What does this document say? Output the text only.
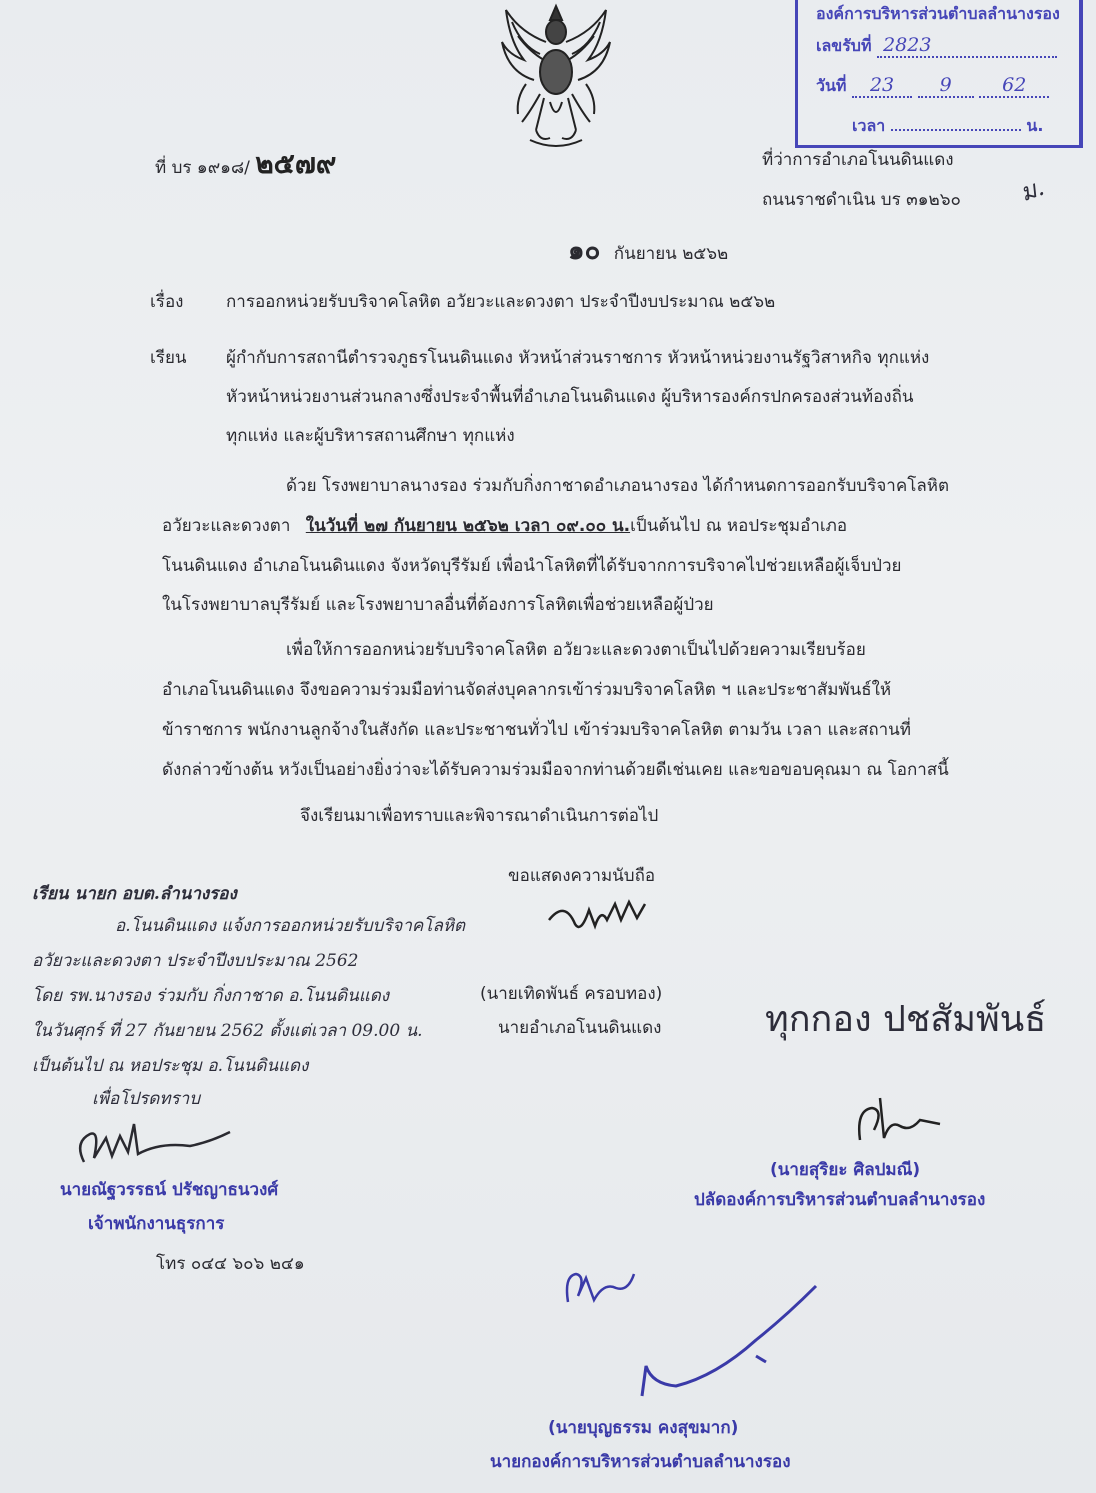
องค์การบริหารส่วนตำบลลำนางรอง
เลขรับที่ 2823
วันที่ 23 9	62
เวลา	น.
ม.
ที่ บร ๑๙๑๘/ ๒๕๗๙	ที่ว่าการอำเภอโนนดินแดง
ถนนราชดำเนิน บร ๓๑๒๖๐
๑๐ กันยายน ๒๕๖๒
เรื่อง	การออกหน่วยรับบริจาคโลหิต อวัยวะและดวงตา ประจำปีงบประมาณ ๒๕๖๒
เรียน ผู้กำกับการสถานีตำรวจภูธรโนนดินแดง หัวหน้าส่วนราชการ หัวหน้าหน่วยงานรัฐวิสาหกิจ ทุกแห่ง
หัวหน้าหน่วยงานส่วนกลางซึ่งประจำพื้นที่อำเภอโนนดินแดง ผู้บริหารองค์กรปกครองส่วนท้องถิ่น
ทุกแห่ง และผู้บริหารสถานศึกษา ทุกแห่ง
ด้วย โรงพยาบาลนางรอง ร่วมกับกิ่งกาชาดอำเภอนางรอง ได้กำหนดการออกรับบริจาคโลหิต
อวัยวะและดวงตา ในวันที่ ๒๗ กันยายน ๒๕๖๒ เวลา ๐๙.๐๐ น.เป็นต้นไป ณ หอประชุมอำเภอ
โนนดินแดง อำเภอโนนดินแดง จังหวัดบุรีรัมย์ เพื่อนำโลหิตที่ได้รับจากการบริจาคไปช่วยเหลือผู้เจ็บป่วย
ในโรงพยาบาลบุรีรัมย์ และโรงพยาบาลอื่นที่ต้องการโลหิตเพื่อช่วยเหลือผู้ป่วย
เพื่อให้การออกหน่วยรับบริจาคโลหิต อวัยวะและดวงตาเป็นไปด้วยความเรียบร้อย
อำเภอโนนดินแดง จึงขอความร่วมมือท่านจัดส่งบุคลากรเข้าร่วมบริจาคโลหิต ฯ และประชาสัมพันธ์ให้
ข้าราชการ พนักงานลูกจ้างในสังกัด และประชาชนทั่วไป เข้าร่วมบริจาคโลหิต ตามวัน เวลา และสถานที่
ดังกล่าวข้างต้น หวังเป็นอย่างยิ่งว่าจะได้รับความร่วมมือจากท่านด้วยดีเช่นเคย และขอขอบคุณมา ณ โอกาสนี้
จึงเรียนมาเพื่อทราบและพิจารณาดำเนินการต่อไป
ขอแสดงความนับถือ
(นายเทิดพันธ์ ครอบทอง)
นายอำเภอโนนดินแดง
เรียน นายก อบต.ลำนางรอง
อ.โนนดินแดง แจ้งการออกหน่วยรับบริจาคโลหิต
อวัยวะและดวงตา ประจำปีงบประมาณ 2562
โดย รพ.นางรอง ร่วมกับ กิ่งกาชาด อ.โนนดินแดง
ในวันศุกร์ ที่ 27 กันยายน 2562 ตั้งแต่เวลา 09.00 น.
เป็นต้นไป ณ หอประชุม อ.โนนดินแดง
เพื่อโปรดทราบ
นายณัฐวรรธน์ ปรัชญาธนวงศ์
เจ้าพนักงานธุรการ
โทร ๐๔๔ ๖๐๖ ๒๔๑
ทุกกอง ปชสัมพันธ์
(นายสุริยะ ศิลปมณี)
ปลัดองค์การบริหารส่วนตำบลลำนางรอง
(นายบุญธรรม คงสุขมาก)
นายกองค์การบริหารส่วนตำบลลำนางรอง
